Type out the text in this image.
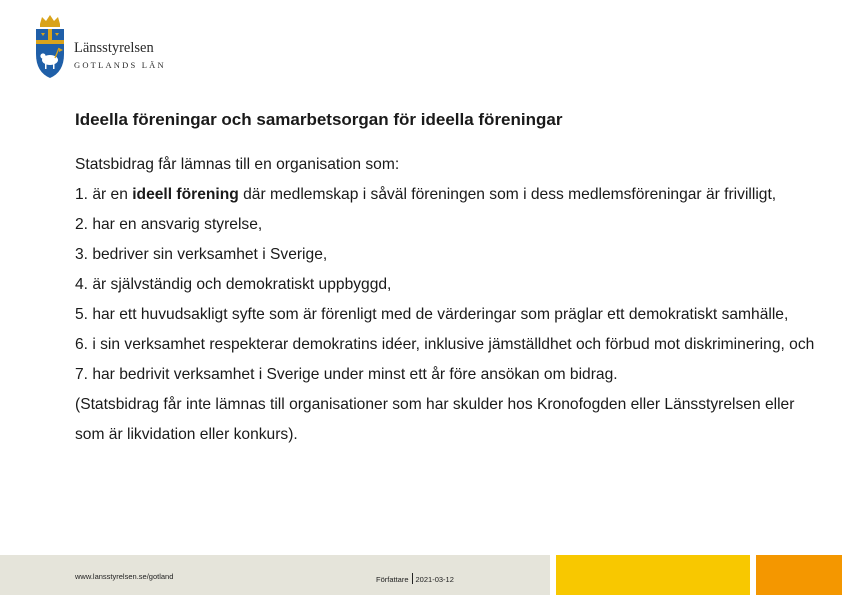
Länsstyrelsen
GOTLANDS LÄN
Ideella föreningar och samarbetsorgan för ideella föreningar

Statsbidrag får lämnas till en organisation som:

1. är en ideell förening där medlemskap i såväl föreningen som i dess medlemsföreningar är frivilligt,

2. har en ansvarig styrelse,

3. bedriver sin verksamhet i Sverige,

4. är självständig och demokratiskt uppbyggd,

5. har ett huvudsakligt syfte som är förenligt med de värderingar som präglar ett demokratiskt samhälle,

6. i sin verksamhet respekterar demokratins idéer, inklusive jämställdhet och förbud mot diskriminering, och

7. har bedrivit verksamhet i Sverige under minst ett år före ansökan om bidrag.

(Statsbidrag får inte lämnas till organisationer som har skulder hos Kronofogden eller Länsstyrelsen eller som är likvidation eller konkurs).

www.lansstyrelsen.se/gotland	Författare 2021-03-12
